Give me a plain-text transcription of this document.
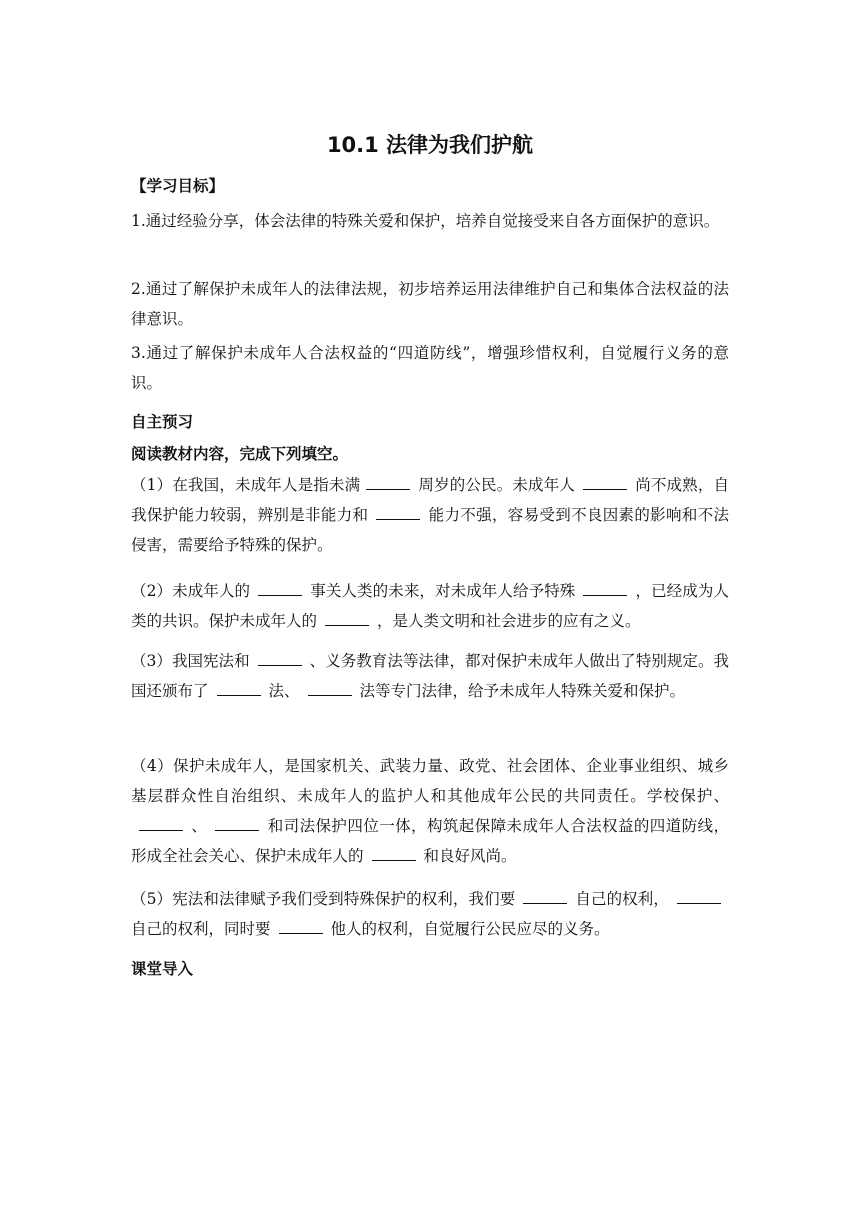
10.1 法律为我们护航
【学习目标】
1.通过经验分享，体会法律的特殊关爱和保护，培养自觉接受来自各方面保护的意识。
2.通过了解保护未成年人的法律法规，初步培养运用法律维护自己和集体合法权益的法律意识。
3.通过了解保护未成年人合法权益的“四道防线”，增强珍惜权利，自觉履行义务的意识。
自主预习
阅读教材内容，完成下列填空。
（1）在我国，未成年人是指未满	周岁的公民。未成年人	尚不成熟，自我保护能力较弱，辨别是非能力和	能力不强，容易受到不良因素的影响和不法侵害，需要给予特殊的保护。
（2）未成年人的	事关人类的未来，对未成年人给予特殊	，已经成为人类的共识。保护未成年人的	，是人类文明和社会进步的应有之义。
（3）我国宪法和	、义务教育法等法律，都对保护未成年人做出了特别规定。我国还颁布了	法、	法等专门法律，给予未成年人特殊关爱和保护。
（4）保护未成年人，是国家机关、武装力量、政党、社会团体、企业事业组织、城乡基层群众性自治组织、未成年人的监护人和其他成年公民的共同责任。学校保护、、	和司法保护四位一体，构筑起保障未成年人合法权益的四道防线，形成全社会关心、保护未成年人的	和良好风尚。
（5）宪法和法律赋予我们受到特殊保护的权利，我们要	自己的权利，自己的权利，同时要	他人的权利，自觉履行公民应尽的义务。
课堂导入
